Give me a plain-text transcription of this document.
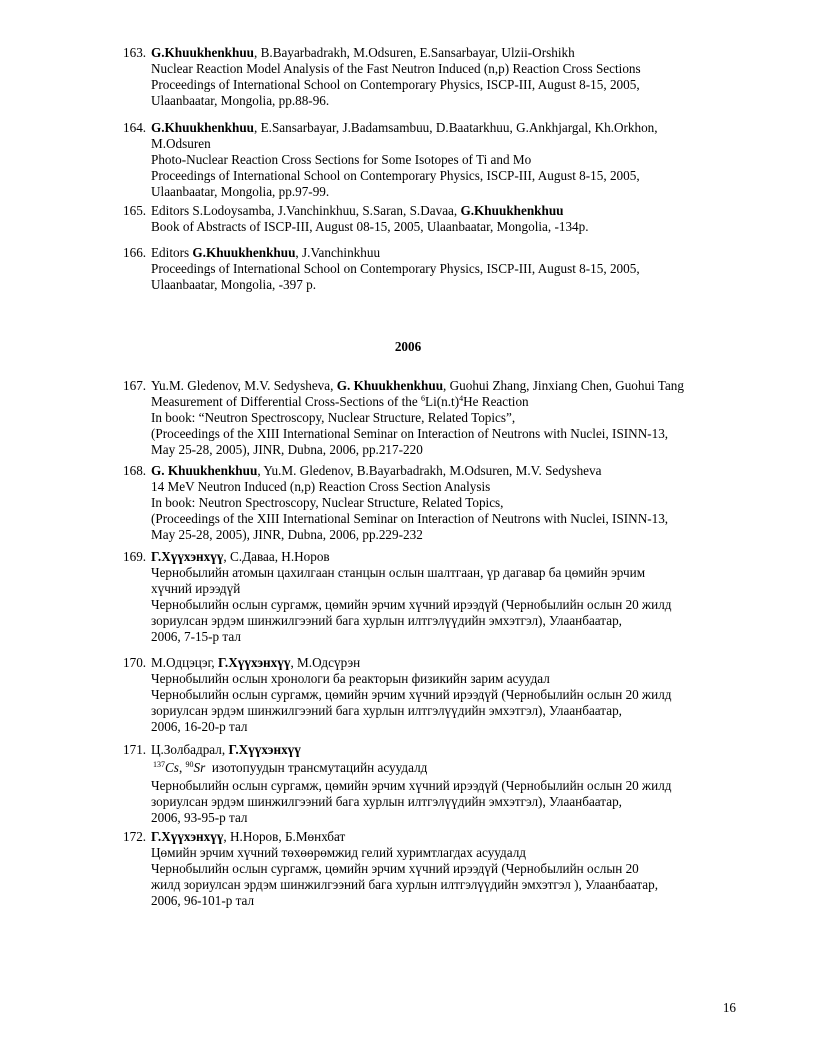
163. G.Khuukhenkhuu, B.Bayarbadrakh, M.Odsuren, E.Sansarbayar, Ulzii-Orshikh
Nuclear Reaction Model Analysis of the Fast Neutron Induced (n,p) Reaction Cross Sections
Proceedings of International School on Contemporary Physics, ISCP-III, August 8-15, 2005,
Ulaanbaatar, Mongolia, pp.88-96.
164. G.Khuukhenkhuu, E.Sansarbayar, J.Badamsambuu, D.Baatarkhuu, G.Ankhjargal, Kh.Orkhon,
M.Odsuren
Photo-Nuclear Reaction Cross Sections for Some Isotopes of Ti and Mo
Proceedings of International School on Contemporary Physics, ISCP-III, August 8-15, 2005,
Ulaanbaatar, Mongolia, pp.97-99.
165. Editors S.Lodoysamba, J.Vanchinkhuu, S.Saran, S.Davaa, G.Khuukhenkhuu
Book of Abstracts of ISCP-III, August 08-15, 2005, Ulaanbaatar, Mongolia, -134p.
166. Editors G.Khuukhenkhuu, J.Vanchinkhuu
Proceedings of International School on Contemporary Physics, ISCP-III, August 8-15, 2005,
Ulaanbaatar, Mongolia, -397 p.
2006
167. Yu.M. Gledenov, M.V. Sedysheva, G. Khuukhenkhuu, Guohui Zhang, Jinxiang Chen, Guohui Tang
Measurement of Differential Cross-Sections of the $^6Li(n.t)^4He$ Reaction
In book: “Neutron Spectroscopy, Nuclear Structure, Related Topics”,
(Proceedings of the XIII International Seminar on Interaction of Neutrons with Nuclei, ISINN-13,
May 25-28, 2005), JINR, Dubna, 2006, pp.217-220
168. G. Khuukhenkhuu, Yu.M. Gledenov, B.Bayarbadrakh, M.Odsuren, M.V. Sedysheva
14 MeV Neutron Induced (n,p) Reaction Cross Section Analysis
In book: Neutron Spectroscopy, Nuclear Structure, Related Topics,
(Proceedings of the XIII International Seminar on Interaction of Neutrons with Nuclei, ISINN-13,
May 25-28, 2005), JINR, Dubna, 2006, pp.229-232
169. Г.Хүүхэнхүү, С.Даваа, Н.Норов
Чернобылийн атомын цахилгаан станцын ослын шалтгаан, үр дагавар ба цөмийн эрчим
хүчний ирээдүй
Чернобылийн ослын сургамж, цөмийн эрчим хүчний ирээдүй (Чернобылийн ослын 20 жилд
зориулсан эрдэм шинжилгээний бага хурлын илтгэлүүдийн эмхэтгэл), Улаанбаатар,
2006, 7-15-р тал
170. М.Одцэцэг, Г.Хүүхэнхүү, М.Одсүрэн
Чернобылийн ослын хронологи ба реакторын физикийн зарим асуудал
Чернобылийн ослын сургамж, цөмийн эрчим хүчний ирээдүй (Чернобылийн ослын 20 жилд
зориулсан эрдэм шинжилгээний бага хурлын илтгэлүүдийн эмхэтгэл), Улаанбаатар,
2006, 16-20-р тал
171. Ц.Золбадрал, Г.Хүүхэнхүү
$^{137}$Cs, $^{90}$Sr изотопуудын трансмутацийн асуудалд
Чернобылийн ослын сургамж, цөмийн эрчим хүчний ирээдүй (Чернобылийн ослын 20 жилд
зориулсан эрдэм шинжилгээний бага хурлын илтгэлүүдийн эмхэтгэл), Улаанбаатар,
2006, 93-95-р тал
172. Г.Хүүхэнхүү, Н.Норов, Б.Мөнхбат
Цөмийн эрчим хүчний төхөөрөмжид гелий хуримтлагдах асуудалд
Чернобылийн ослын сургамж, цөмийн эрчим хүчний ирээдүй (Чернобылийн ослын 20
жилд зориулсан эрдэм шинжилгээний бага хурлын илтгэлүүдийн эмхэтгэл ), Улаанбаатар,
2006, 96-101-р тал
16
